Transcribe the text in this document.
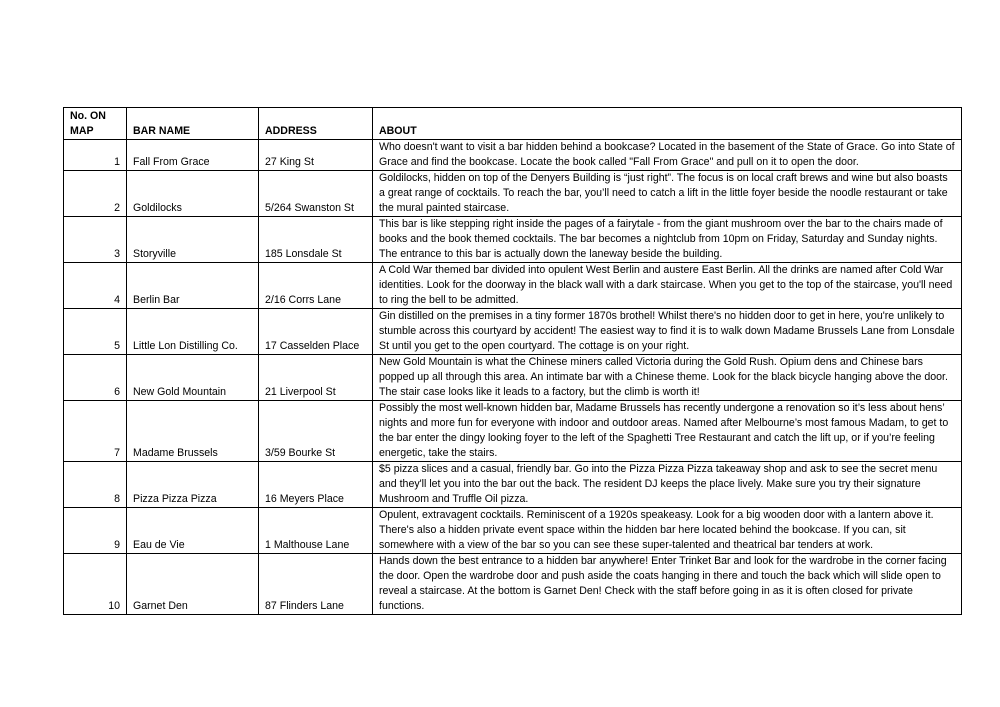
No. ON
MAP	BAR NAME	ADDRESS	ABOUT
1	Fall From Grace	27 King St	Who doesn't want to visit a bar hidden behind a bookcase? Located in the basement of the State of Grace. Go into State of Grace and find the bookcase. Locate the book called "Fall From Grace" and pull on it to open the door.
2	Goldilocks	5/264 Swanston St	Goldilocks, hidden on top of the Denyers Building is “just right”. The focus is on local craft brews and wine but also boasts a great range of cocktails. To reach the bar, you’ll need to catch a lift in the little foyer beside the noodle restaurant or take the mural painted staircase.
3	Storyville	185 Lonsdale St	This bar is like stepping right inside the pages of a fairytale - from the giant mushroom over the bar to the chairs made of books and the book themed cocktails. The bar becomes a nightclub from 10pm on Friday, Saturday and Sunday nights. The entrance to this bar is actually down the laneway beside the building.
4	Berlin Bar	2/16 Corrs Lane	A Cold War themed bar divided into opulent West Berlin and austere East Berlin. All the drinks are named after Cold War identities. Look for the doorway in the black wall with a dark staircase. When you get to the top of the staircase, you'll need to ring the bell to be admitted.
5	Little Lon Distilling Co.	17 Casselden Place	Gin distilled on the premises in a tiny former 1870s brothel! Whilst there's no hidden door to get in here, you're unlikely to stumble across this courtyard by accident! The easiest way to find it is to walk down Madame Brussels Lane from Lonsdale St until you get to the open courtyard. The cottage is on your right.
6	New Gold Mountain	21 Liverpool St	New Gold Mountain is what the Chinese miners called Victoria during the Gold Rush. Opium dens and Chinese bars popped up all through this area. An intimate bar with a Chinese theme. Look for the black bicycle hanging above the door. The stair case looks like it leads to a factory, but the climb is worth it!
7	Madame Brussels	3/59 Bourke St	Possibly the most well-known hidden bar, Madame Brussels has recently undergone a renovation so it’s less about hens’ nights and more fun for everyone with indoor and outdoor areas. Named after Melbourne’s most famous Madam, to get to the bar enter the dingy looking foyer to the left of the Spaghetti Tree Restaurant and catch the lift up, or if you’re feeling energetic, take the stairs.
8	Pizza Pizza Pizza	16 Meyers Place	$5 pizza slices and a casual, friendly bar. Go into the Pizza Pizza Pizza takeaway shop and ask to see the secret menu and they'll let you into the bar out the back. The resident DJ keeps the place lively. Make sure you try their signature Mushroom and Truffle Oil pizza.
9	Eau de Vie	1 Malthouse Lane	Opulent, extravagent cocktails. Reminiscent of a 1920s speakeasy. Look for a big wooden door with a lantern above it. There's also a hidden private event space within the hidden bar here located behind the bookcase. If you can, sit somewhere with a view of the bar so you can see these super-talented and theatrical bar tenders at work.
10	Garnet Den	87 Flinders Lane	Hands down the best entrance to a hidden bar anywhere! Enter Trinket Bar and look for the wardrobe in the corner facing the door. Open the wardrobe door and push aside the coats hanging in there and touch the back which will slide open to reveal a staircase. At the bottom is Garnet Den! Check with the staff before going in as it is often closed for private functions.
